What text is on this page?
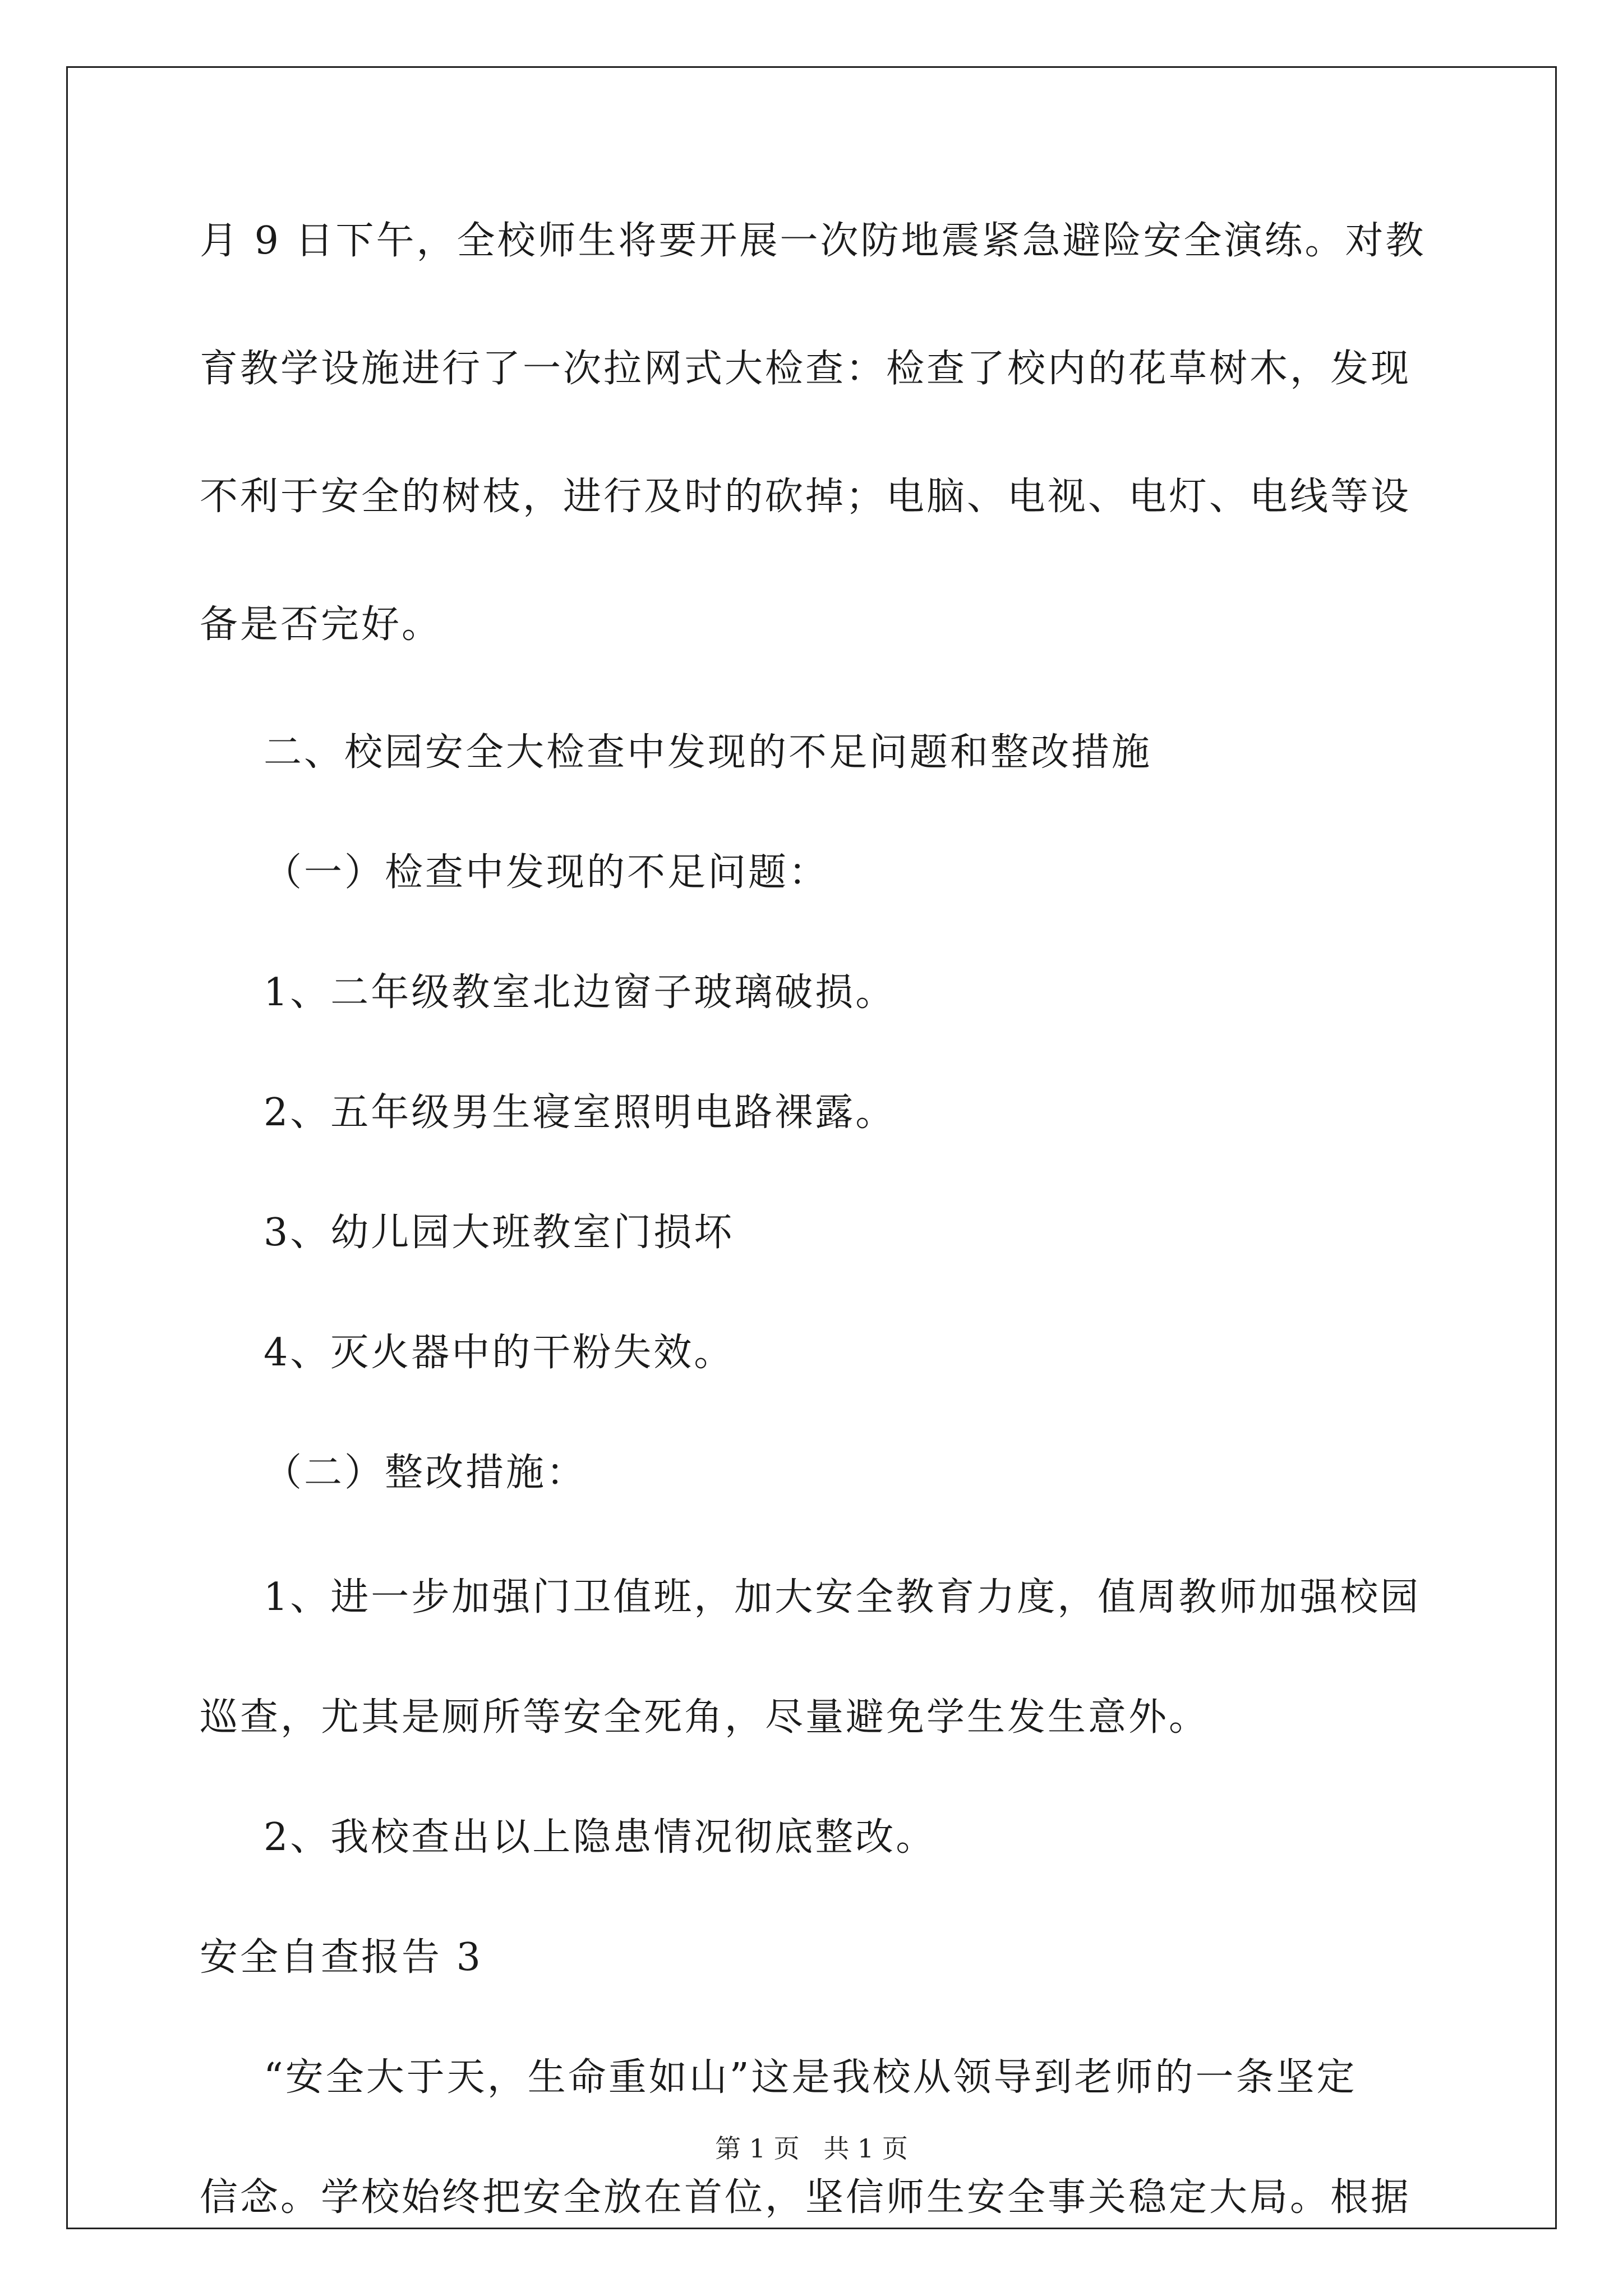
月 9 日下午，全校师生将要开展一次防地震紧急避险安全演练。对教
育教学设施进行了一次拉网式大检查：检查了校内的花草树木，发现
不利于安全的树枝，进行及时的砍掉；电脑、电视、电灯、电线等设
备是否完好。
二、校园安全大检查中发现的不足问题和整改措施
（一）检查中发现的不足问题：
1、二年级教室北边窗子玻璃破损。
2、五年级男生寝室照明电路裸露。
3、幼儿园大班教室门损坏
4、灭火器中的干粉失效。
（二）整改措施：
1、进一步加强门卫值班，加大安全教育力度，值周教师加强校园
巡查，尤其是厕所等安全死角，尽量避免学生发生意外。
2、我校查出以上隐患情况彻底整改。
安全自查报告 3
“安全大于天，生命重如山”这是我校从领导到老师的一条坚定
信念。学校始终把安全放在首位，坚信师生安全事关稳定大局。根据
第 1 页 共 1 页
